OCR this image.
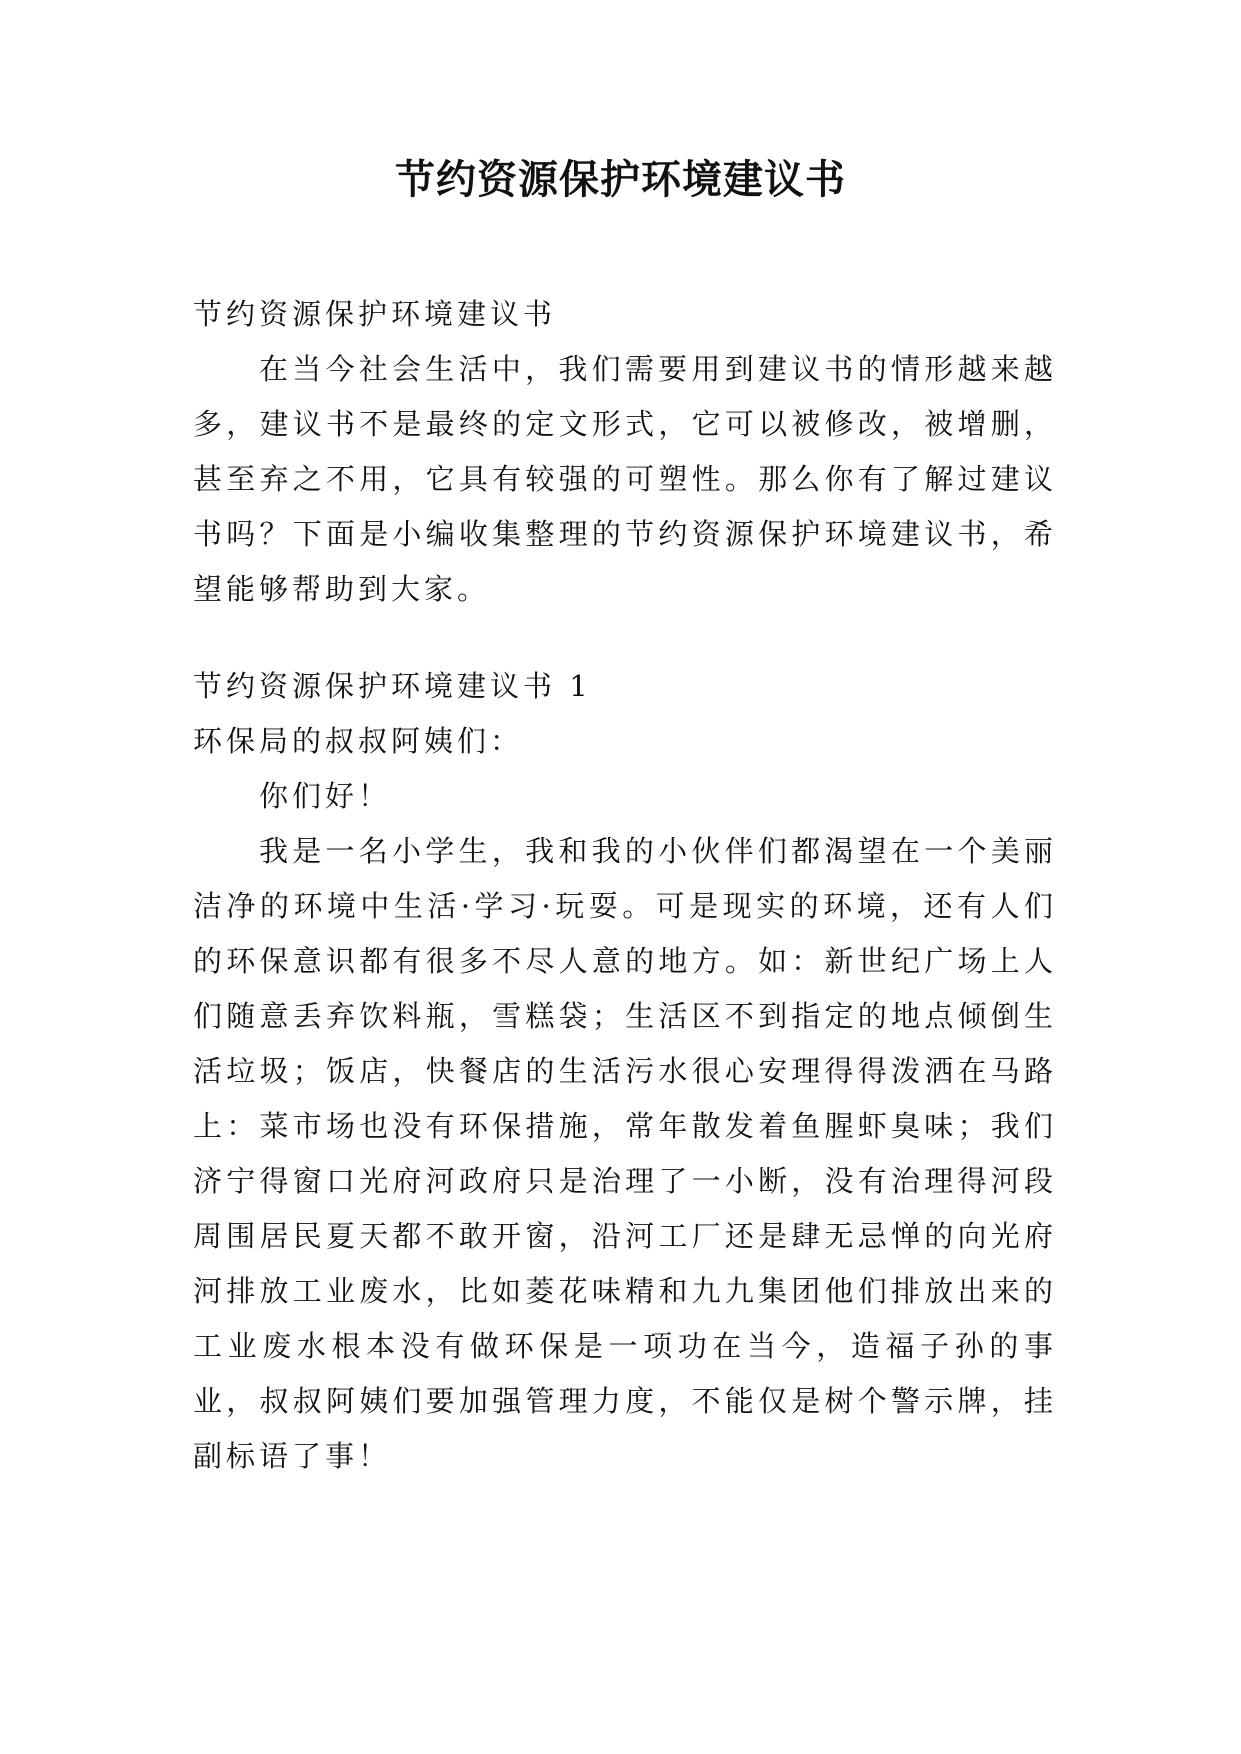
节约资源保护环境建议书

节约资源保护环境建议书

在当今社会生活中，我们需要用到建议书的情形越来越多，建议书不是最终的定文形式，它可以被修改，被增删，甚至弃之不用，它具有较强的可塑性。那么你有了解过建议书吗？下面是小编收集整理的节约资源保护环境建议书，希望能够帮助到大家。

节约资源保护环境建议书 1

环保局的叔叔阿姨们：

你们好！

我是一名小学生，我和我的小伙伴们都渴望在一个美丽洁净的环境中生活·学习·玩耍。可是现实的环境，还有人们的环保意识都有很多不尽人意的地方。如：新世纪广场上人们随意丢弃饮料瓶，雪糕袋；生活区不到指定的地点倾倒生活垃圾；饭店，快餐店的生活污水很心安理得得泼洒在马路上：菜市场也没有环保措施，常年散发着鱼腥虾臭味；我们济宁得窗口光府河政府只是治理了一小断，没有治理得河段周围居民夏天都不敢开窗，沿河工厂还是肆无忌惮的向光府河排放工业废水，比如菱花味精和九九集团他们排放出来的工业废水根本没有做环保是一项功在当今，造福子孙的事业，叔叔阿姨们要加强管理力度，不能仅是树个警示牌，挂副标语了事！
